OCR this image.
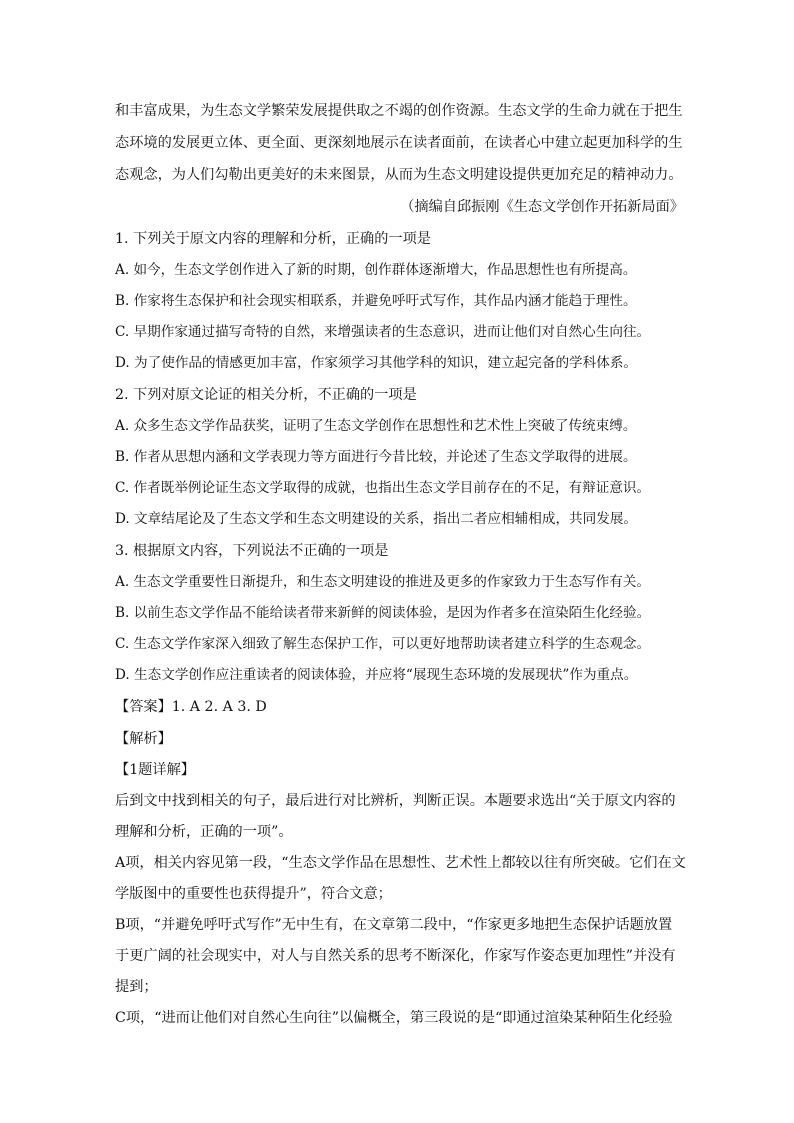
和丰富成果，为生态文学繁荣发展提供取之不竭的创作资源。生态文学的生命力就在于把生
态环境的发展更立体、更全面、更深刻地展示在读者面前，在读者心中建立起更加科学的生
态观念，为人们勾勒出更美好的未来图景，从而为生态文明建设提供更加充足的精神动力。
（摘编自邱振刚《生态文学创作开拓新局面》
1. 下列关于原文内容的理解和分析，正确的一项是
A. 如今，生态文学创作进入了新的时期，创作群体逐渐增大，作品思想性也有所提高。
B. 作家将生态保护和社会现实相联系，并避免呼吁式写作，其作品内涵才能趋于理性。
C. 早期作家通过描写奇特的自然，来增强读者的生态意识，进而让他们对自然心生向往。
D. 为了使作品的情感更加丰富，作家须学习其他学科的知识，建立起完备的学科体系。
2. 下列对原文论证的相关分析，不正确的一项是
A. 众多生态文学作品获奖，证明了生态文学创作在思想性和艺术性上突破了传统束缚。
B. 作者从思想内涵和文学表现力等方面进行今昔比较，并论述了生态文学取得的进展。
C. 作者既举例论证生态文学取得的成就，也指出生态文学目前存在的不足，有辩证意识。
D. 文章结尾论及了生态文学和生态文明建设的关系，指出二者应相辅相成，共同发展。
3. 根据原文内容，下列说法不正确的一项是
A. 生态文学重要性日渐提升，和生态文明建设的推进及更多的作家致力于生态写作有关。
B. 以前生态文学作品不能给读者带来新鲜的阅读体验，是因为作者多在渲染陌生化经验。
C. 生态文学作家深入细致了解生态保护工作，可以更好地帮助读者建立科学的生态观念。
D. 生态文学创作应注重读者的阅读体验，并应将“展现生态环境的发展现状”作为重点。
【答案】1. A 2. A 3. D
【解析】
【1题详解】
后到文中找到相关的句子，最后进行对比辨析，判断正误。本题要求选出“关于原文内容的
理解和分析，正确的一项”。
A项，相关内容见第一段，“生态文学作品在思想性、艺术性上都较以往有所突破。它们在文
学版图中的重要性也获得提升”，符合文意；
B项，“并避免呼吁式写作”无中生有，在文章第二段中，“作家更多地把生态保护话题放置
于更广阔的社会现实中，对人与自然关系的思考不断深化，作家写作姿态更加理性”并没有
提到；
C项，“进而让他们对自然心生向往”以偏概全，第三段说的是“即通过渲染某种陌生化经验
